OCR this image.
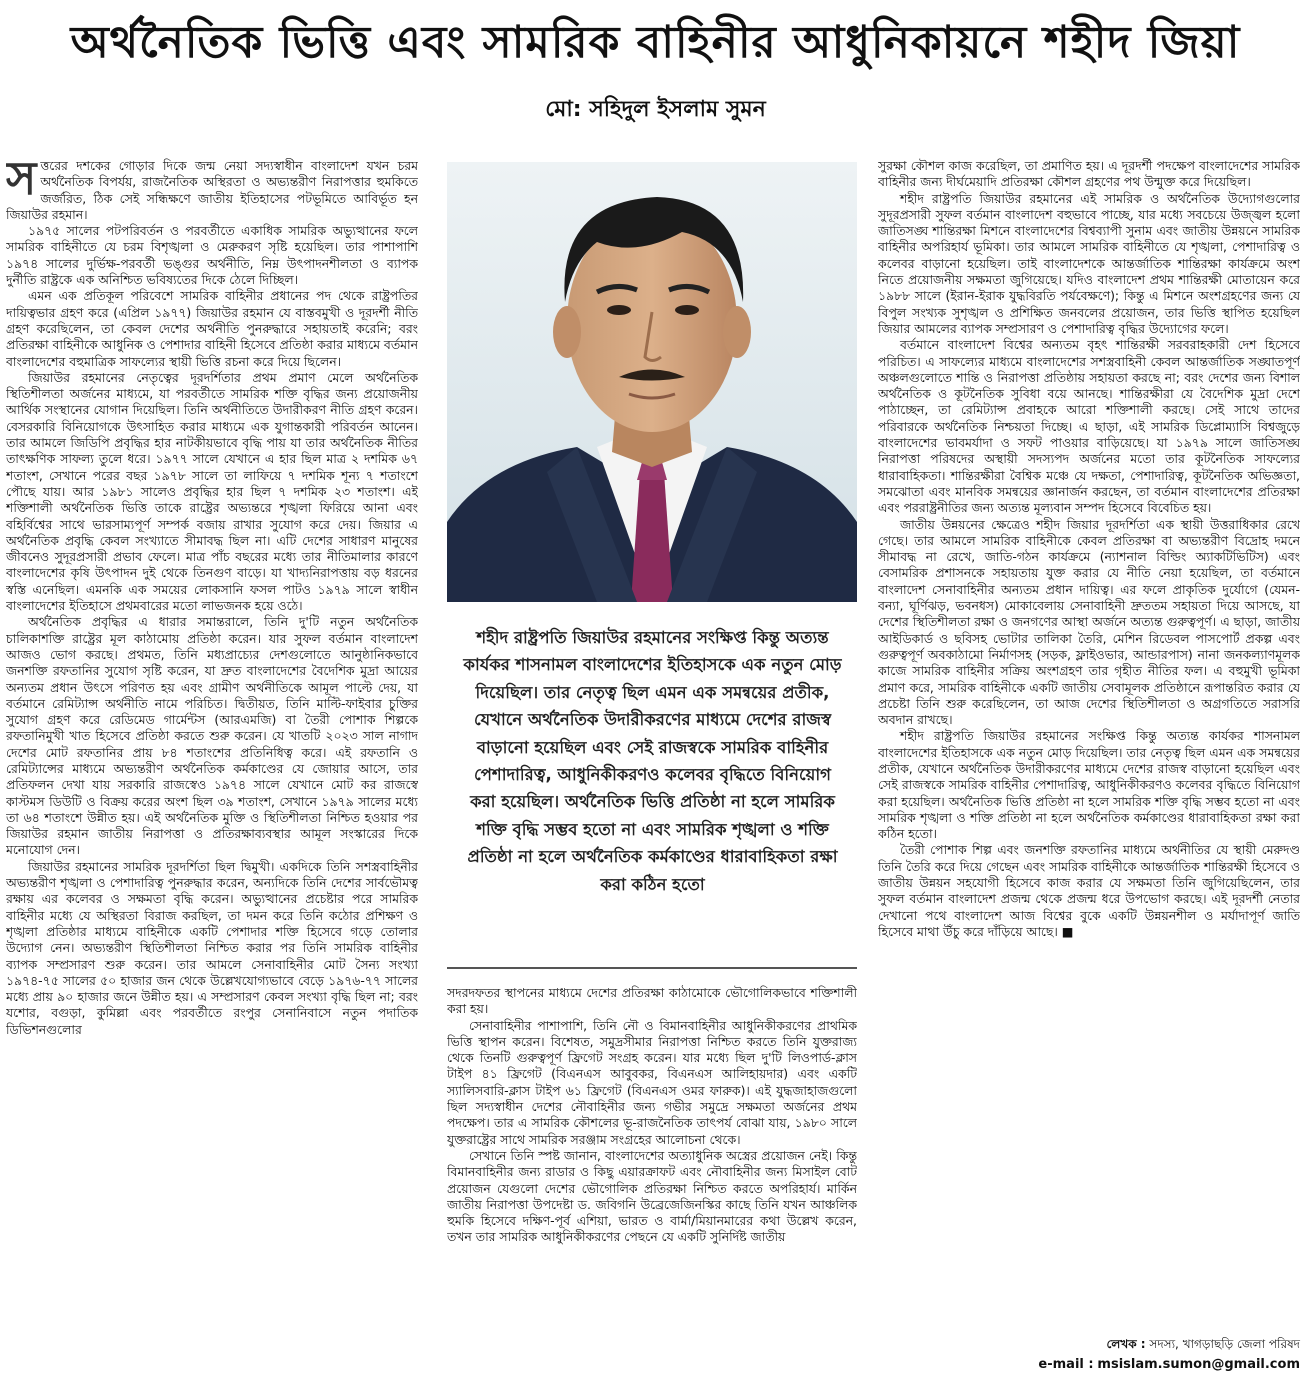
অর্থনৈতিক ভিত্তি এবং সামরিক বাহিনীর আধুনিকায়নে শহীদ জিয়া
মো: সহিদুল ইসলাম সুমন

সত্তরের দশকের গোড়ার দিকে জন্ম নেয়া সদ্যস্বাধীন বাংলাদেশ যখন চরম অর্থনৈতিক বিপর্যয়, রাজনৈতিক অস্থিরতা ও অভ্যন্তরীণ নিরাপত্তার হুমকিতে জর্জরিত, ঠিক সেই সন্ধিক্ষণে জাতীয় ইতিহাসের পটভূমিতে আবির্ভূত হন জিয়াউর রহমান।

১৯৭৫ সালের পটপরিবর্তন ও পরবর্তীতে একাধিক সামরিক অভ্যুত্থানের ফলে সামরিক বাহিনীতে যে চরম বিশৃঙ্খলা ও মেরুকরণ সৃষ্টি হয়েছিল। তার পাশাপাশি ১৯৭৪ সালের দুর্ভিক্ষ-পরবর্তী ভঙ্গুর অর্থনীতি, নিম্ন উৎপাদনশীলতা ও ব্যাপক দুর্নীতি রাষ্ট্রকে এক অনিশ্চিত ভবিষ্যতের দিকে ঠেলে দিচ্ছিল।

এমন এক প্রতিকূল পরিবেশে সামরিক বাহিনীর প্রধানের পদ থেকে রাষ্ট্রপতির দায়িত্বভার গ্রহণ করে (এপ্রিল ১৯৭৭) জিয়াউর রহমান যে বাস্তবমুখী ও দূরদর্শী নীতি গ্রহণ করেছিলেন, তা কেবল দেশের অর্থনীতি পুনরুদ্ধারে সহায়তাই করেনি; বরং প্রতিরক্ষা বাহিনীকে আধুনিক ও পেশাদার বাহিনী হিসেবে প্রতিষ্ঠা করার মাধ্যমে বর্তমান বাংলাদেশের বহুমাত্রিক সাফল্যের স্থায়ী ভিত্তি রচনা করে দিয়ে ছিলেন।

জিয়াউর রহমানের নেতৃত্বের দূরদর্শিতার প্রথম প্রমাণ মেলে অর্থনৈতিক স্থিতিশীলতা অর্জনের মাধ্যমে, যা পরবর্তীতে সামরিক শক্তি বৃদ্ধির জন্য প্রয়োজনীয় আর্থিক সংস্থানের যোগান দিয়েছিল। তিনি অর্থনীতিতে উদারীকরণ নীতি গ্রহণ করেন। বেসরকারি বিনিয়োগকে উৎসাহিত করার মাধ্যমে এক যুগান্তকারী পরিবর্তন আনেন। তার আমলে জিডিপি প্রবৃদ্ধির হার নাটকীয়ভাবে বৃদ্ধি পায় যা তার অর্থনৈতিক নীতির তাৎক্ষণিক সাফল্য তুলে ধরে। ১৯৭৭ সালে যেখানে এ হার ছিল মাত্র ২ দশমিক ৬৭ শতাংশ, সেখানে পরের বছর ১৯৭৮ সালে তা লাফিয়ে ৭ দশমিক শূন্য ৭ শতাংশে পৌছে যায়। আর ১৯৮১ সালেও প্রবৃদ্ধির হার ছিল ৭ দশমিক ২৩ শতাংশ। এই শক্তিশালী অর্থনৈতিক ভিত্তি তাকে রাষ্ট্রের অভ্যন্তরে শৃঙ্খলা ফিরিয়ে আনা এবং বহির্বিশ্বের সাথে ভারসাম্যপূর্ণ সম্পর্ক বজায় রাখার সুযোগ করে দেয়। জিয়ার এ অর্থনৈতিক প্রবৃদ্ধি কেবল সংখ্যাতে সীমাবদ্ধ ছিল না। এটি দেশের সাধারণ মানুষের জীবনেও সুদূরপ্রসারী প্রভাব ফেলে। মাত্র পাঁচ বছরের মধ্যে তার নীতিমালার কারণে বাংলাদেশের কৃষি উৎপাদন দুই থেকে তিনগুণ বাড়ে। যা খাদ্যনিরাপত্তায় বড় ধরনের স্বস্তি এনেছিল। এমনকি এক সময়ের লোকসানি ফসল পাটও ১৯৭৯ সালে স্বাধীন বাংলাদেশের ইতিহাসে প্রথমবারের মতো লাভজনক হয়ে ওঠে।

অর্থনৈতিক প্রবৃদ্ধির এ ধারার সমান্তরালে, তিনি দু'টি নতুন অর্থনৈতিক চালিকাশক্তি রাষ্ট্রের মূল কাঠামোয় প্রতিষ্ঠা করেন। যার সুফল বর্তমান বাংলাদেশ আজও ভোগ করছে। প্রথমত, তিনি মধ্যপ্রাচ্যের দেশগুলোতে আনুষ্ঠানিকভাবে জনশক্তি রফতানির সুযোগ সৃষ্টি করেন, যা দ্রুত বাংলাদেশের বৈদেশিক মুদ্রা আয়ের অন্যতম প্রধান উৎসে পরিণত হয় এবং গ্রামীণ অর্থনীতিকে আমূল পাল্টে দেয়, যা বর্তমানে রেমিট্যান্স অর্থনীতি নামে পরিচিত। দ্বিতীয়ত, তিনি মাল্টি-ফাইবার চুক্তির সুযোগ গ্রহণ করে রেডিমেড গার্মেন্টস (আরএমজি) বা তৈরী পোশাক শিল্পকে রফতানিমুখী খাত হিসেবে প্রতিষ্ঠা করতে শুরু করেন। যে খাতটি ২০২৩ সাল নাগাদ দেশের মোট রফতানির প্রায় ৮৪ শতাংশের প্রতিনিধিত্ব করে। এই রফতানি ও রেমিট্যান্সের মাধ্যমে অভ্যন্তরীণ অর্থনৈতিক কর্মকাণ্ডের যে জোয়ার আসে, তার প্রতিফলন দেখা যায় সরকারি রাজস্বেও ১৯৭৪ সালে যেখানে মোট কর রাজস্বে কাস্টমস ডিউটি ও বিক্রয় করের অংশ ছিল ৩৯ শতাংশ, সেখানে ১৯৭৯ সালের মধ্যে তা ৬৪ শতাংশে উন্নীত হয়। এই অর্থনৈতিক মুক্তি ও স্থিতিশীলতা নিশ্চিত হওয়ার পর জিয়াউর রহমান জাতীয় নিরাপত্তা ও প্রতিরক্ষাব্যবস্থার আমূল সংস্কারের দিকে মনোযোগ দেন।

জিয়াউর রহমানের সামরিক দূরদর্শিতা ছিল দ্বিমুখী। একদিকে তিনি সশস্ত্রবাহিনীর অভ্যন্তরীণ শৃঙ্খলা ও পেশাদারিত্ব পুনরুদ্ধার করেন, অন্যদিকে তিনি দেশের সার্বভৌমত্ব রক্ষায় এর কলেবর ও সক্ষমতা বৃদ্ধি করেন। অভ্যুত্থানের প্রচেষ্টার পরে সামরিক বাহিনীর মধ্যে যে অস্থিরতা বিরাজ করছিল, তা দমন করে তিনি কঠোর প্রশিক্ষণ ও শৃঙ্খলা প্রতিষ্ঠার মাধ্যমে বাহিনীকে একটি পেশাদার শক্তি হিসেবে গড়ে তোলার উদ্যোগ নেন। অভ্যন্তরীণ স্থিতিশীলতা নিশ্চিত করার পর তিনি সামরিক বাহিনীর ব্যাপক সম্প্রসারণ শুরু করেন। তার আমলে সেনাবাহিনীর মোট সৈন্য সংখ্যা ১৯৭৪-৭৫ সালের ৫০ হাজার জন থেকে উল্লেখযোগ্যভাবে বেড়ে ১৯৭৬-৭৭ সালের মধ্যে প্রায় ৯০ হাজার জনে উন্নীত হয়। এ সম্প্রসারণ কেবল সংখ্যা বৃদ্ধি ছিল না; বরং যশোর, বগুড়া, কুমিল্লা এবং পরবর্তীতে রংপুর সেনানিবাসে নতুন পদাতিক ডিভিশনগুলোর

শহীদ রাষ্ট্রপতি জিয়াউর রহমানের সংক্ষিপ্ত কিন্তু অত্যন্ত কার্যকর শাসনামল বাংলাদেশের ইতিহাসকে এক নতুন মোড় দিয়েছিল। তার নেতৃত্ব ছিল এমন এক সমন্বয়ের প্রতীক, যেখানে অর্থনৈতিক উদারীকরণের মাধ্যমে দেশের রাজস্ব বাড়ানো হয়েছিল এবং সেই রাজস্বকে সামরিক বাহিনীর পেশাদারিত্ব, আধুনিকীকরণও কলেবর বৃদ্ধিতে বিনিয়োগ করা হয়েছিল। অর্থনৈতিক ভিত্তি প্রতিষ্ঠা না হলে সামরিক শক্তি বৃদ্ধি সম্ভব হতো না এবং সামরিক শৃঙ্খলা ও শক্তি প্রতিষ্ঠা না হলে অর্থনৈতিক কর্মকাণ্ডের ধারাবাহিকতা রক্ষা করা কঠিন হতো

সদরদফতর স্থাপনের মাধ্যমে দেশের প্রতিরক্ষা কাঠামোকে ভৌগোলিকভাবে শক্তিশালী করা হয়।

সেনাবাহিনীর পাশাপাশি, তিনি নৌ ও বিমানবাহিনীর আধুনিকীকরণের প্রাথমিক ভিত্তি স্থাপন করেন। বিশেষত, সমুদ্রসীমার নিরাপত্তা নিশ্চিত করতে তিনি যুক্তরাজ্য থেকে তিনটি গুরুত্বপূর্ণ ফ্রিগেট সংগ্রহ করেন। যার মধ্যে ছিল দু'টি লিওপার্ড-ক্লাস টাইপ ৪১ ফ্রিগেট (বিএনএস আবুবকর, বিএনএস আলিহায়দার) এবং একটি স্যালিসবারি-ক্লাস টাইপ ৬১ ফ্রিগেট (বিএনএস ওমর ফারুক)। এই যুদ্ধজাহাজগুলো ছিল সদ্যস্বাধীন দেশের নৌবাহিনীর জন্য গভীর সমুদ্রে সক্ষমতা অর্জনের প্রথম পদক্ষেপ। তার এ সামরিক কৌশলের ভূ-রাজনৈতিক তাৎপর্য বোঝা যায়, ১৯৮০ সালে যুক্তরাষ্ট্রের সাথে সামরিক সরঞ্জাম সংগ্রহের আলোচনা থেকে।

সেখানে তিনি স্পষ্ট জানান, বাংলাদেশের অত্যাধুনিক অস্ত্রের প্রয়োজন নেই। কিন্তু বিমানবাহিনীর জন্য রাডার ও কিছু এয়ারক্রাফট এবং নৌবাহিনীর জন্য মিসাইল বোট প্রয়োজন যেগুলো দেশের ভৌগোলিক প্রতিরক্ষা নিশ্চিত করতে অপরিহার্য। মার্কিন জাতীয় নিরাপত্তা উপদেষ্টা ড. জবিগনি উব্রেজেজিনস্কির কাছে তিনি যখন আঞ্চলিক হুমকি হিসেবে দক্ষিণ-পূর্ব এশিয়া, ভারত ও বার্মা/মিয়ানমারের কথা উল্লেখ করেন, তখন তার সামরিক আধুনিকীকরণের পেছনে যে একটি সুনির্দিষ্ট জাতীয়

সুরক্ষা কৌশল কাজ করেছিল, তা প্রমাণিত হয়। এ দূরদর্শী পদক্ষেপ বাংলাদেশের সামরিক বাহিনীর জন্য দীর্ঘমেয়াদি প্রতিরক্ষা কৌশল গ্রহণের পথ উন্মুক্ত করে দিয়েছিল।

শহীদ রাষ্ট্রপতি জিয়াউর রহমানের এই সামরিক ও অর্থনৈতিক উদ্যোগগুলোর সুদূরপ্রসারী সুফল বর্তমান বাংলাদেশ বহুভাবে পাচ্ছে, যার মধ্যে সবচেয়ে উজ্জ্বল হলো জাতিসঙ্ঘ শান্তিরক্ষা মিশনে বাংলাদেশের বিশ্বব্যাপী সুনাম এবং জাতীয় উন্নয়নে সামরিক বাহিনীর অপরিহার্য ভূমিকা। তার আমলে সামরিক বাহিনীতে যে শৃঙ্খলা, পেশাদারিত্ব ও কলেবর বাড়ানো হয়েছিল। তাই বাংলাদেশকে আন্তর্জাতিক শান্তিরক্ষা কার্যক্রমে অংশ নিতে প্রয়োজনীয় সক্ষমতা জুগিয়েছে। যদিও বাংলাদেশ প্রথম শান্তিরক্ষী মোতায়েন করে ১৯৮৮ সালে (ইরান-ইরাক যুদ্ধবিরতি পর্যবেক্ষণে); কিন্তু এ মিশনে অংশগ্রহণের জন্য যে বিপুল সংখ্যক সুশৃঙ্খল ও প্রশিক্ষিত জনবলের প্রয়োজন, তার ভিত্তি স্থাপিত হয়েছিল জিয়ার আমলের ব্যাপক সম্প্রসারণ ও পেশাদারিত্ব বৃদ্ধির উদ্যোগের ফলে।

বর্তমানে বাংলাদেশ বিশ্বের অন্যতম বৃহৎ শান্তিরক্ষী সরবরাহকারী দেশ হিসেবে পরিচিত। এ সাফল্যের মাধ্যমে বাংলাদেশের সশস্ত্রবাহিনী কেবল আন্তর্জাতিক সঙ্ঘাতপূর্ণ অঞ্চলগুলোতে শান্তি ও নিরাপত্তা প্রতিষ্ঠায় সহায়তা করছে না; বরং দেশের জন্য বিশাল অর্থনৈতিক ও কূটনৈতিক সুবিধা বয়ে আনছে। শান্তিরক্ষীরা যে বৈদেশিক মুদ্রা দেশে পাঠাচ্ছেন, তা রেমিট্যান্স প্রবাহকে আরো শক্তিশালী করছে। সেই সাথে তাদের পরিবারকে অর্থনৈতিক নিশ্চয়তা দিচ্ছে। এ ছাড়া, এই সামরিক ডিপ্লোম্যাসি বিশ্বজুড়ে বাংলাদেশের ভাবমর্যাদা ও সফট পাওয়ার বাড়িয়েছে। যা ১৯৭৯ সালে জাতিসঙ্ঘ নিরাপত্তা পরিষদের অস্থায়ী সদস্যপদ অর্জনের মতো তার কূটনৈতিক সাফল্যের ধারাবাহিকতা। শান্তিরক্ষীরা বৈশ্বিক মঞ্চে যে দক্ষতা, পেশাদারিত্ব, কূটনৈতিক অভিজ্ঞতা, সমঝোতা এবং মানবিক সমন্বয়ের জ্ঞানার্জন করছেন, তা বর্তমান বাংলাদেশের প্রতিরক্ষা এবং পররাষ্ট্রনীতির জন্য অত্যন্ত মূল্যবান সম্পদ হিসেবে বিবেচিত হয়।

জাতীয় উন্নয়নের ক্ষেত্রেও শহীদ জিয়ার দূরদর্শিতা এক স্থায়ী উত্তরাধিকার রেখে গেছে। তার আমলে সামরিক বাহিনীকে কেবল প্রতিরক্ষা বা অভ্যন্তরীণ বিদ্রোহ দমনে সীমাবদ্ধ না রেখে, জাতি-গঠন কার্যক্রমে (ন্যাশনাল বিল্ডিং অ্যাকটিভিটিস) এবং বেসামরিক প্রশাসনকে সহায়তায় যুক্ত করার যে নীতি নেয়া হয়েছিল, তা বর্তমানে বাংলাদেশ সেনাবাহিনীর অন্যতম প্রধান দায়িত্ব। এর ফলে প্রাকৃতিক দুর্যোগে (যেমন- বন্যা, ঘূর্ণিঝড়, ভবনধস) মোকাবেলায় সেনাবাহিনী দ্রুততম সহায়তা দিয়ে আসছে, যা দেশের স্থিতিশীলতা রক্ষা ও জনগণের আস্থা অর্জনে অত্যন্ত গুরুত্বপূর্ণ। এ ছাড়া, জাতীয় আইডিকার্ড ও ছবিসহ ভোটার তালিকা তৈরি, মেশিন রিডেবল পাসপোর্ট প্রকল্প এবং গুরুত্বপূর্ণ অবকাঠামো নির্মাণসহ (সড়ক, ফ্লাইওভার, আন্ডারপাস) নানা জনকল্যাণমূলক কাজে সামরিক বাহিনীর সক্রিয় অংশগ্রহণ তার গৃহীত নীতির ফল। এ বহুমুখী ভূমিকা প্রমাণ করে, সামরিক বাহিনীকে একটি জাতীয় সেবামূলক প্রতিষ্ঠানে রূপান্তরিত করার যে প্রচেষ্টা তিনি শুরু করেছিলেন, তা আজ দেশের স্থিতিশীলতা ও অগ্রগতিতে সরাসরি অবদান রাখছে।

শহীদ রাষ্ট্রপতি জিয়াউর রহমানের সংক্ষিপ্ত কিন্তু অত্যন্ত কার্যকর শাসনামল বাংলাদেশের ইতিহাসকে এক নতুন মোড় দিয়েছিল। তার নেতৃত্ব ছিল এমন এক সমন্বয়ের প্রতীক, যেখানে অর্থনৈতিক উদারীকরণের মাধ্যমে দেশের রাজস্ব বাড়ানো হয়েছিল এবং সেই রাজস্বকে সামরিক বাহিনীর পেশাদারিত্ব, আধুনিকীকরণও কলেবর বৃদ্ধিতে বিনিয়োগ করা হয়েছিল। অর্থনৈতিক ভিত্তি প্রতিষ্ঠা না হলে সামরিক শক্তি বৃদ্ধি সম্ভব হতো না এবং সামরিক শৃঙ্খলা ও শক্তি প্রতিষ্ঠা না হলে অর্থনৈতিক কর্মকাণ্ডের ধারাবাহিকতা রক্ষা করা কঠিন হতো।

তৈরী পোশাক শিল্প এবং জনশক্তি রফতানির মাধ্যমে অর্থনীতির যে স্থায়ী মেরুদণ্ড তিনি তৈরি করে দিয়ে গেছেন এবং সামরিক বাহিনীকে আন্তর্জাতিক শান্তিরক্ষী হিসেবে ও জাতীয় উন্নয়ন সহযোগী হিসেবে কাজ করার যে সক্ষমতা তিনি জুগিয়েছিলেন, তার সুফল বর্তমান বাংলাদেশ প্রজন্ম থেকে প্রজন্ম ধরে উপভোগ করছে। এই দূরদর্শী নেতার দেখানো পথে বাংলাদেশ আজ বিশ্বের বুকে একটি উন্নয়নশীল ও মর্যাদাপূর্ণ জাতি হিসেবে মাথা উঁচু করে দাঁড়িয়ে আছে। ■

লেখক : সদস্য, খাগড়াছড়ি জেলা পরিষদ
e-mail : msislam.sumon@gmail.com
